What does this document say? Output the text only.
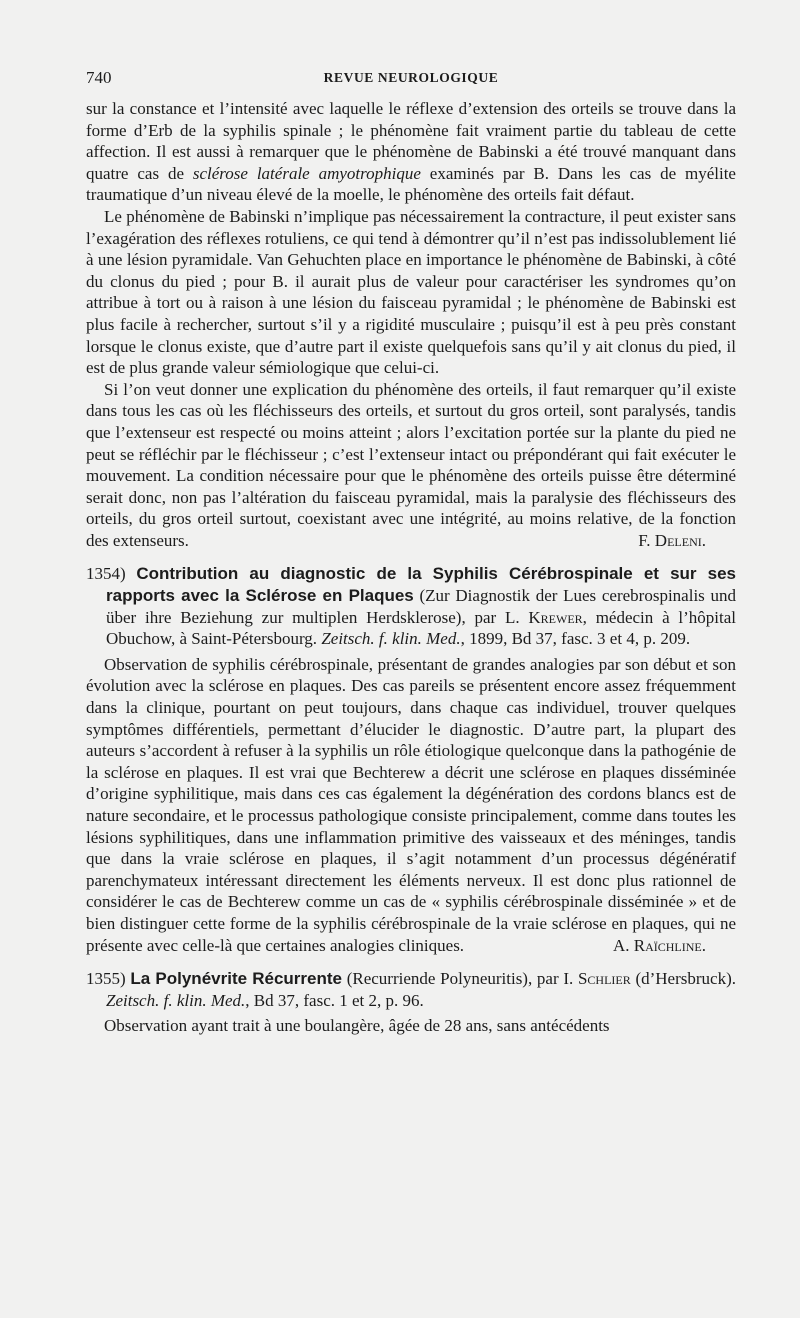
740	REVUE NEUROLOGIQUE

sur la constance et l’intensité avec laquelle le réflexe d’extension des orteils se trouve dans la forme d’Erb de la syphilis spinale ; le phénomène fait vraiment partie du tableau de cette affection. Il est aussi à remarquer que le phénomène de Babinski a été trouvé manquant dans quatre cas de sclérose latérale amyotrophique examinés par B. Dans les cas de myélite traumatique d’un niveau élevé de la moelle, le phénomène des orteils fait défaut.

Le phénomène de Babinski n’implique pas nécessairement la contracture, il peut exister sans l’exagération des réflexes rotuliens, ce qui tend à démontrer qu’il n’est pas indissolublement lié à une lésion pyramidale. Van Gehuchten place en importance le phénomène de Babinski, à côté du clonus du pied ; pour B. il aurait plus de valeur pour caractériser les syndromes qu’on attribue à tort ou à raison à une lésion du faisceau pyramidal ; le phénomène de Babinski est plus facile à rechercher, surtout s’il y a rigidité musculaire ; puisqu’il est à peu près constant lorsque le clonus existe, que d’autre part il existe quelquefois sans qu’il y ait clonus du pied, il est de plus grande valeur sémiologique que celui-ci.

Si l’on veut donner une explication du phénomène des orteils, il faut remarquer qu’il existe dans tous les cas où les fléchisseurs des orteils, et surtout du gros orteil, sont paralysés, tandis que l’extenseur est respecté ou moins atteint ; alors l’excitation portée sur la plante du pied ne peut se réfléchir par le fléchisseur ; c’est l’extenseur intact ou prépondérant qui fait exécuter le mouvement. La condition nécessaire pour que le phénomène des orteils puisse être déterminé serait donc, non pas l’altération du faisceau pyramidal, mais la paralysie des fléchisseurs des orteils, du gros orteil surtout, coexistant avec une intégrité, au moins relative, de la fonction des extenseurs.	F. Deleni.

1354) Contribution au diagnostic de la Syphilis Cérébrospinale et sur ses rapports avec la Sclérose en Plaques (Zur Diagnostik der Lues cerebrospinalis und über ihre Beziehung zur multiplen Herdsklerose), par L. Krewer, médecin à l’hôpital Obuchow, à Saint-Pétersbourg. Zeitsch. f. klin. Med., 1899, Bd 37, fasc. 3 et 4, p. 209.

Observation de syphilis cérébrospinale, présentant de grandes analogies par son début et son évolution avec la sclérose en plaques. Des cas pareils se présentent encore assez fréquemment dans la clinique, pourtant on peut toujours, dans chaque cas individuel, trouver quelques symptômes différentiels, permettant d’élucider le diagnostic. D’autre part, la plupart des auteurs s’accordent à refuser à la syphilis un rôle étiologique quelconque dans la pathogénie de la sclérose en plaques. Il est vrai que Bechterew a décrit une sclérose en plaques disséminée d’origine syphilitique, mais dans ces cas également la dégénération des cordons blancs est de nature secondaire, et le processus pathologique consiste principalement, comme dans toutes les lésions syphilitiques, dans une inflammation primitive des vaisseaux et des méninges, tandis que dans la vraie sclérose en plaques, il s’agit notamment d’un processus dégénératif parenchymateux intéressant directement les éléments nerveux. Il est donc plus rationnel de considérer le cas de Bechterew comme un cas de « syphilis cérébrospinale disséminée » et de bien distinguer cette forme de la syphilis cérébrospinale de la vraie sclérose en plaques, qui ne présente avec celle-là que certaines analogies cliniques.	A. Raïchline.

1355) La Polynévrite Récurrente (Recurriende Polyneuritis), par I. Schlier (d’Hersbruck). Zeitsch. f. klin. Med., Bd 37, fasc. 1 et 2, p. 96.

Observation ayant trait à une boulangère, âgée de 28 ans, sans antécédents
